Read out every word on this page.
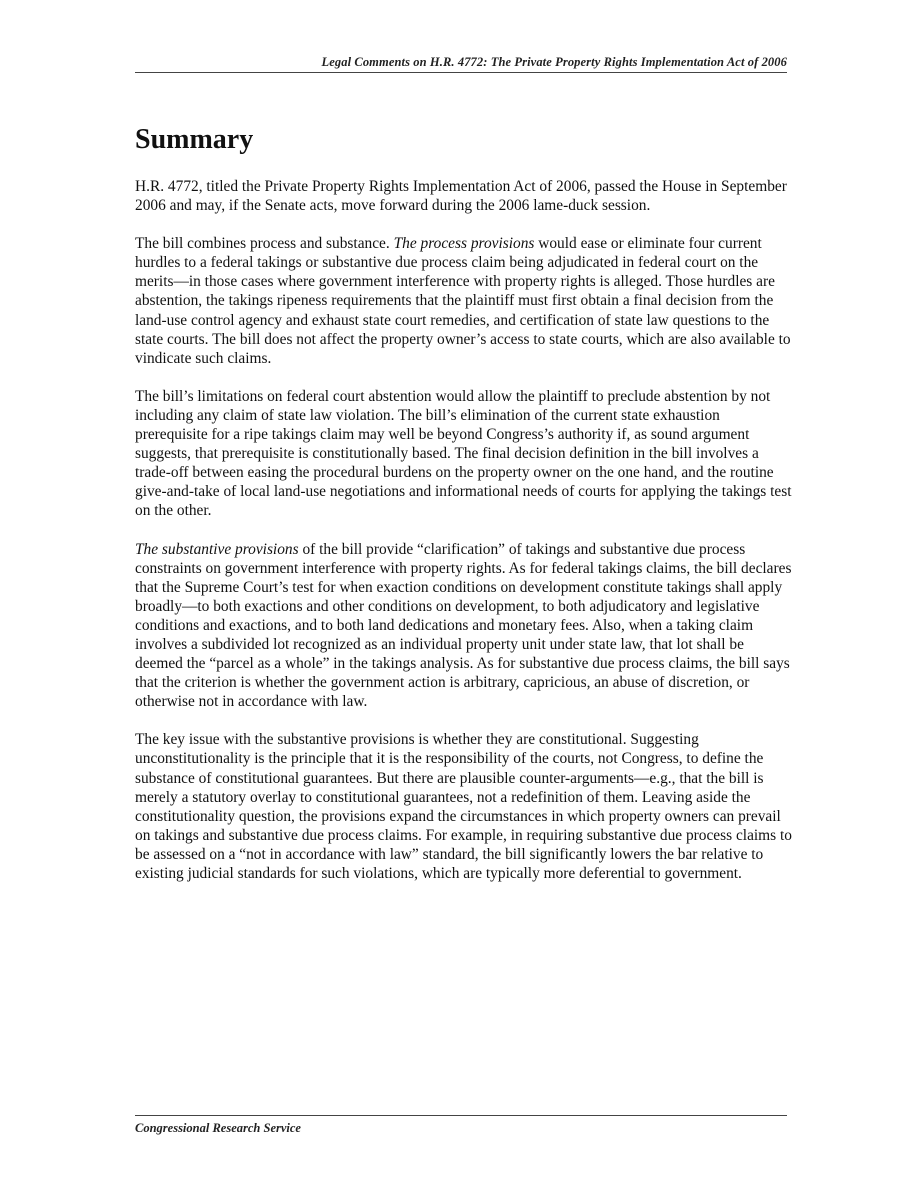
Legal Comments on H.R. 4772: The Private Property Rights Implementation Act of 2006
Summary

H.R. 4772, titled the Private Property Rights Implementation Act of 2006, passed the House in September 2006 and may, if the Senate acts, move forward during the 2006 lame-duck session.

The bill combines process and substance. The process provisions would ease or eliminate four current hurdles to a federal takings or substantive due process claim being adjudicated in federal court on the merits—in those cases where government interference with property rights is alleged. Those hurdles are abstention, the takings ripeness requirements that the plaintiff must first obtain a final decision from the land-use control agency and exhaust state court remedies, and certification of state law questions to the state courts. The bill does not affect the property owner’s access to state courts, which are also available to vindicate such claims.

The bill’s limitations on federal court abstention would allow the plaintiff to preclude abstention by not including any claim of state law violation. The bill’s elimination of the current state exhaustion prerequisite for a ripe takings claim may well be beyond Congress’s authority if, as sound argument suggests, that prerequisite is constitutionally based. The final decision definition in the bill involves a trade-off between easing the procedural burdens on the property owner on the one hand, and the routine give-and-take of local land-use negotiations and informational needs of courts for applying the takings test on the other.

The substantive provisions of the bill provide “clarification” of takings and substantive due process constraints on government interference with property rights. As for federal takings claims, the bill declares that the Supreme Court’s test for when exaction conditions on development constitute takings shall apply broadly—to both exactions and other conditions on development, to both adjudicatory and legislative conditions and exactions, and to both land dedications and monetary fees. Also, when a taking claim involves a subdivided lot recognized as an individual property unit under state law, that lot shall be deemed the “parcel as a whole” in the takings analysis. As for substantive due process claims, the bill says that the criterion is whether the government action is arbitrary, capricious, an abuse of discretion, or otherwise not in accordance with law.

The key issue with the substantive provisions is whether they are constitutional. Suggesting unconstitutionality is the principle that it is the responsibility of the courts, not Congress, to define the substance of constitutional guarantees. But there are plausible counter-arguments—e.g., that the bill is merely a statutory overlay to constitutional guarantees, not a redefinition of them. Leaving aside the constitutionality question, the provisions expand the circumstances in which property owners can prevail on takings and substantive due process claims. For example, in requiring substantive due process claims to be assessed on a “not in accordance with law” standard, the bill significantly lowers the bar relative to existing judicial standards for such violations, which are typically more deferential to government.

Congressional Research Service
